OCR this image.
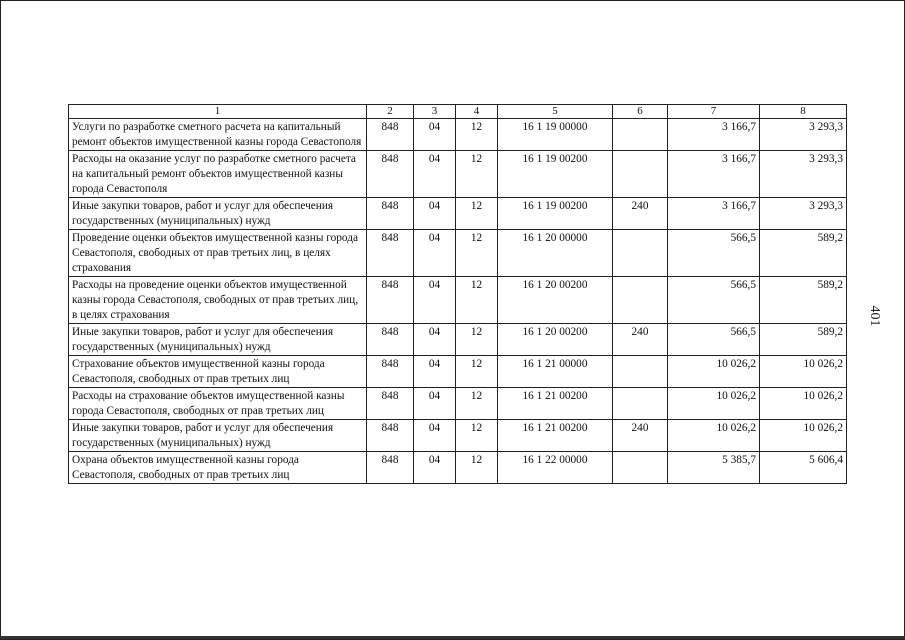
401
1	2	3	4	5	6	7	8
Услуги по разработке сметного расчета на капитальный ремонт объектов имущественной казны города Севастополя	848	04	12	16 1 19 00000		3 166,7	3 293,3
Расходы на оказание услуг по разработке сметного расчета на капитальный ремонт объектов имущественной казны города Севастополя	848	04	12	16 1 19 00200		3 166,7	3 293,3
Иные закупки товаров, работ и услуг для обеспечения государственных (муниципальных) нужд	848	04	12	16 1 19 00200	240	3 166,7	3 293,3
Проведение оценки объектов имущественной казны города Севастополя, свободных от прав третьих лиц, в целях страхования	848	04	12	16 1 20 00000		566,5	589,2
Расходы на проведение оценки объектов имущественной казны города Севастополя, свободных от прав третьих лиц, в целях страхования	848	04	12	16 1 20 00200		566,5	589,2
Иные закупки товаров, работ и услуг для обеспечения государственных (муниципальных) нужд	848	04	12	16 1 20 00200	240	566,5	589,2
Страхование объектов имущественной казны города Севастополя, свободных от прав третьих лиц	848	04	12	16 1 21 00000		10 026,2	10 026,2
Расходы на страхование объектов имущественной казны города Севастополя, свободных от прав третьих лиц	848	04	12	16 1 21 00200		10 026,2	10 026,2
Иные закупки товаров, работ и услуг для обеспечения государственных (муниципальных) нужд	848	04	12	16 1 21 00200	240	10 026,2	10 026,2
Охрана объектов имущественной казны города Севастополя, свободных от прав третьих лиц	848	04	12	16 1 22 00000		5 385,7	5 606,4
